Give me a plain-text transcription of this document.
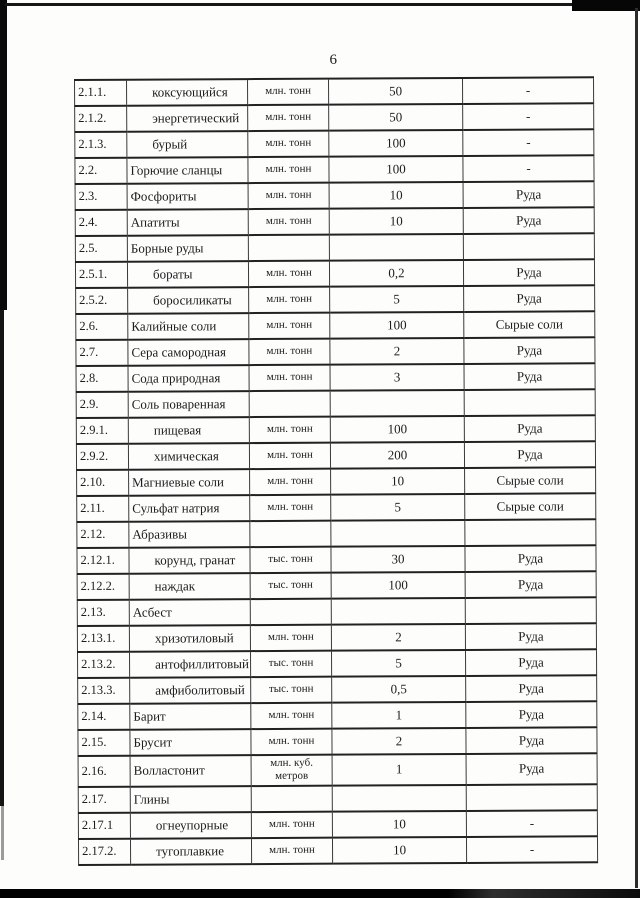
6
2.1.1.	коксующийся	млн. тонн	50	-
2.1.2.	энергетический	млн. тонн	50	-
2.1.3.	бурый	млн. тонн	100	-
2.2.	Горючие сланцы	млн. тонн	100	-
2.3.	Фосфориты	млн. тонн	10	Руда
2.4.	Апатиты	млн. тонн	10	Руда
2.5.	Борные руды			
2.5.1.	бораты	млн. тонн	0,2	Руда
2.5.2.	боросиликаты	млн. тонн	5	Руда
2.6.	Калийные соли	млн. тонн	100	Сырые соли
2.7.	Сера самородная	млн. тонн	2	Руда
2.8.	Сода природная	млн. тонн	3	Руда
2.9.	Соль поваренная			
2.9.1.	пищевая	млн. тонн	100	Руда
2.9.2.	химическая	млн. тонн	200	Руда
2.10.	Магниевые соли	млн. тонн	10	Сырые соли
2.11.	Сульфат натрия	млн. тонн	5	Сырые соли
2.12.	Абразивы			
2.12.1.	корунд, гранат	тыс. тонн	30	Руда
2.12.2.	наждак	тыс. тонн	100	Руда
2.13.	Асбест			
2.13.1.	хризотиловый	млн. тонн	2	Руда
2.13.2.	антофиллитовый	тыс. тонн	5	Руда
2.13.3.	амфиболитовый	тыс. тонн	0,5	Руда
2.14.	Барит	млн. тонн	1	Руда
2.15.	Брусит	млн. тонн	2	Руда
2.16.	Волластонит	млн. куб. метров	1	Руда
2.17.	Глины			
2.17.1	огнеупорные	млн. тонн	10	-
2.17.2.	тугоплавкие	млн. тонн	10	-
